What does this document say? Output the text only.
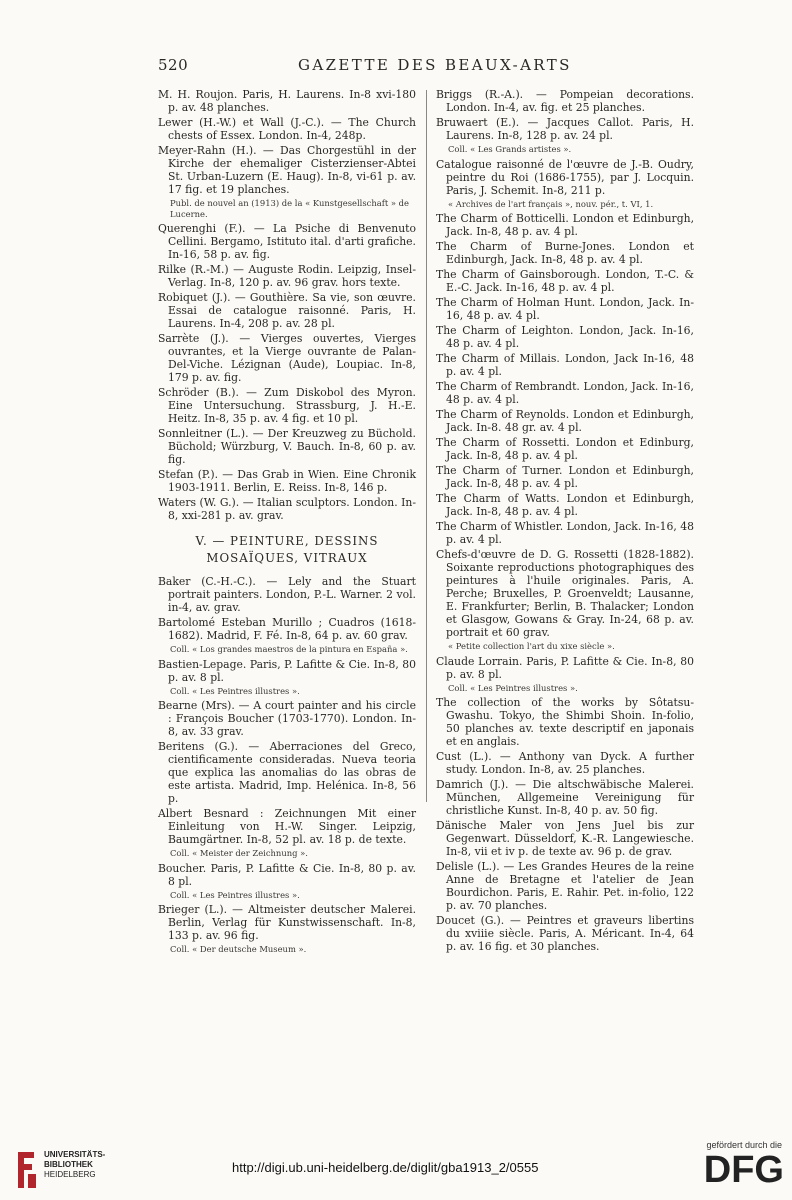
520	GAZETTE DES BEAUX-ARTS
M. H. Roujon. Paris, H. Laurens. In-8 xvi-180 p. av. 48 planches.
Lewer (H.-W.) et Wall (J.-C.). — The Church chests of Essex. London. In-4, 248p.
Meyer-Rahn (H.). — Das Chorgestühl in der Kirche der ehemaliger Cisterzienser-Abtei St. Urban-Luzern (E. Haug). In-8, vi-61 p. av. 17 fig. et 19 planches.
Publ. de nouvel an (1913) de la « Kunstgesellschaft » de Lucerne.
Querenghi (F.). — La Psiche di Benvenuto Cellini. Bergamo, Istituto ital. d'arti grafiche. In-16, 58 p. av. fig.
Rilke (R.-M.) — Auguste Rodin. Leipzig, Insel- Verlag. In-8, 120 p. av. 96 grav. hors texte.
Robiquet (J.). — Gouthière. Sa vie, son œuvre. Essai de catalogue raisonné. Paris, H. Laurens. In-4, 208 p. av. 28 pl.
Sarrète (J.). — Vierges ouvertes, Vierges ouvrantes, et la Vierge ouvrante de Palan-Del-Viche. Lézignan (Aude), Loupiac. In-8, 179 p. av. fig.
Schröder (B.). — Zum Diskobol des Myron. Eine Untersuchung. Strassburg, J. H.-E. Heitz. In-8, 35 p. av. 4 fig. et 10 pl.
Sonnleitner (L.). — Der Kreuzweg zu Büchold. Büchold; Würzburg, V. Bauch. In-8, 60 p. av. fig.
Stefan (P.). — Das Grab in Wien. Eine Chronik 1903-1911. Berlin, E. Reiss. In-8, 146 p.
Waters (W. G.). — Italian sculptors. London. In-8, xxi-281 p. av. grav.
V. — PEINTURE, DESSINS
MOSAÏQUES, VITRAUX
Baker (C.-H.-C.). — Lely and the Stuart portrait painters. London, P.-L. Warner. 2 vol. in-4, av. grav.
Bartolomé Esteban Murillo ; Cuadros (1618-1682). Madrid, F. Fé. In-8, 64 p. av. 60 grav.
Coll. « Los grandes maestros de la pintura en España ».
Bastien-Lepage. Paris, P. Lafitte & Cie. In-8, 80 p. av. 8 pl.
Coll. « Les Peintres illustres ».
Bearne (Mrs). — A court painter and his circle : François Boucher (1703-1770). London. In-8, av. 33 grav.
Beritens (G.). — Aberraciones del Greco, cientificamente consideradas. Nueva teoria que explica las anomalias do las obras de este artista. Madrid, Imp. Helénica. In-8, 56 p.
Albert Besnard : Zeichnungen Mit einer Einleitung von H.-W. Singer. Leipzig, Baumgärtner. In-8, 52 pl. av. 18 p. de texte.
Coll. « Meister der Zeichnung ».
Boucher. Paris, P. Lafitte & Cie. In-8, 80 p. av. 8 pl.
Coll. « Les Peintres illustres ».
Brieger (L.). — Altmeister deutscher Malerei. Berlin, Verlag für Kunstwissenschaft. In-8, 133 p. av. 96 fig.
Coll. « Der deutsche Museum ».
Briggs (R.-A.). — Pompeian decorations. London. In-4, av. fig. et 25 planches.
Bruwaert (E.). — Jacques Callot. Paris, H. Laurens. In-8, 128 p. av. 24 pl.
Coll. « Les Grands artistes ».
Catalogue raisonné de l'œuvre de J.-B. Oudry, peintre du Roi (1686-1755), par J. Locquin. Paris, J. Schemit. In-8, 211 p.
« Archives de l'art français », nouv. pér., t. VI, 1.
The Charm of Botticelli. London et Edinburgh, Jack. In-8, 48 p. av. 4 pl.
The Charm of Burne-Jones. London et Edinburgh, Jack. In-8, 48 p. av. 4 pl.
The Charm of Gainsborough. London, T.-C. & E.-C. Jack. In-16, 48 p. av. 4 pl.
The Charm of Holman Hunt. London, Jack. In-16, 48 p. av. 4 pl.
The Charm of Leighton. London, Jack. In-16, 48 p. av. 4 pl.
The Charm of Millais. London, Jack In-16, 48 p. av. 4 pl.
The Charm of Rembrandt. London, Jack. In-16, 48 p. av. 4 pl.
The Charm of Reynolds. London et Edinburgh, Jack. In-8. 48 gr. av. 4 pl.
The Charm of Rossetti. London et Edinburg, Jack. In-8, 48 p. av. 4 pl.
The Charm of Turner. London et Edinburgh, Jack. In-8, 48 p. av. 4 pl.
The Charm of Watts. London et Edinburgh, Jack. In-8, 48 p. av. 4 pl.
The Charm of Whistler. London, Jack. In-16, 48 p. av. 4 pl.
Chefs-d'œuvre de D. G. Rossetti (1828-1882). Soixante reproductions photographiques des peintures à l'huile originales. Paris, A. Perche; Bruxelles, P. Groenveldt; Lausanne, E. Frankfurter; Berlin, B. Thalacker; London et Glasgow, Gowans & Gray. In-24, 68 p. av. portrait et 60 grav.
« Petite collection l'art du xixe siècle ».
Claude Lorrain. Paris, P. Lafitte & Cie. In-8, 80 p. av. 8 pl.
Coll. « Les Peintres illustres ».
The collection of the works by Sôtatsu-Gwashu. Tokyo, the Shimbi Shoin. In-folio, 50 planches av. texte descriptif en japonais et en anglais.
Cust (L.). — Anthony van Dyck. A further study. London. In-8, av. 25 planches.
Damrich (J.). — Die altschwäbische Malerei. München, Allgemeine Vereinigung für christliche Kunst. In-8, 40 p. av. 50 fig.
Dänische Maler von Jens Juel bis zur Gegenwart. Düsseldorf, K.-R. Langewiesche. In-8, vii et iv p. de texte av. 96 p. de grav.
Delisle (L.). — Les Grandes Heures de la reine Anne de Bretagne et l'atelier de Jean Bourdichon. Paris, E. Rahir. Pet. in-folio, 122 p. av. 70 planches.
Doucet (G.). — Peintres et graveurs libertins du xviiie siècle. Paris, A. Méricant. In-4, 64 p. av. 16 fig. et 30 planches.
UNIVERSITÄTS-
BIBLIOTHEK
HEIDELBERG	http://digi.ub.uni-heidelberg.de/diglit/gba1913_2/0555
gefördert durch die
DFG
